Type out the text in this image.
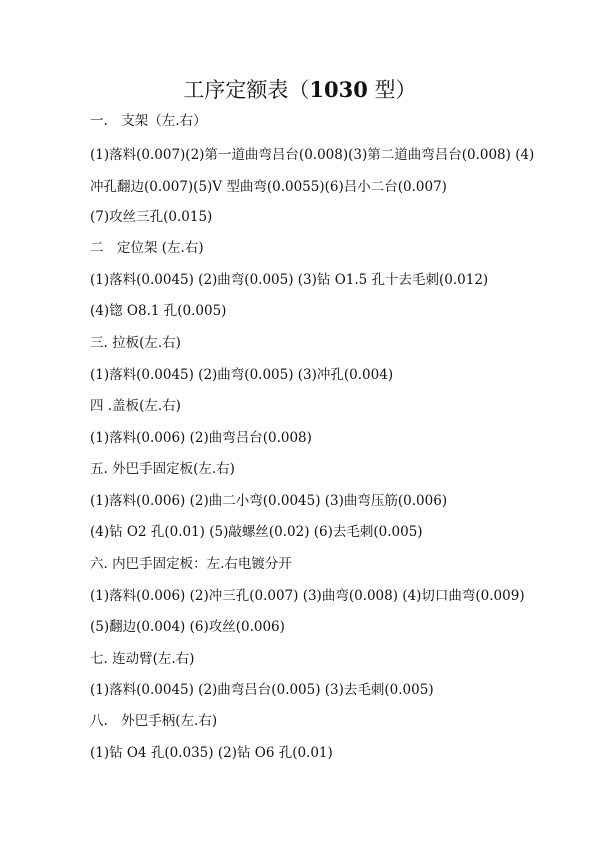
工序定额表（1030 型）
一.　支架（左.右）
(1)落料(0.007)(2)第一道曲弯吕台(0.008)(3)第二道曲弯吕台(0.008) (4)
冲孔翻边(0.007)(5)V 型曲弯(0.0055)(6)吕小二台(0.007)
(7)攻丝三孔(0.015)
二　定位架 (左.右)
(1)落料(0.0045) (2)曲弯(0.005) (3)钻 O1.5 孔十去毛刺(0.012)
(4)锪 O8.1 孔(0.005)
三. 拉板(左.右)
(1)落料(0.0045) (2)曲弯(0.005) (3)冲孔(0.004)
四 .盖板(左.右)
(1)落料(0.006) (2)曲弯吕台(0.008)
五. 外巴手固定板(左.右)
(1)落料(0.006) (2)曲二小弯(0.0045) (3)曲弯压筋(0.006)
(4)钻 O2 孔(0.01) (5)敲螺丝(0.02) (6)去毛刺(0.005)
六. 内巴手固定板：左.右电镀分开
(1)落料(0.006) (2)冲三孔(0.007) (3)曲弯(0.008) (4)切口曲弯(0.009)
(5)翻边(0.004) (6)攻丝(0.006)
七. 连动臂(左.右)
(1)落料(0.0045) (2)曲弯吕台(0.005) (3)去毛刺(0.005)
八.　外巴手柄(左.右)
(1)钻 O4 孔(0.035) (2)钻 O6 孔(0.01)
